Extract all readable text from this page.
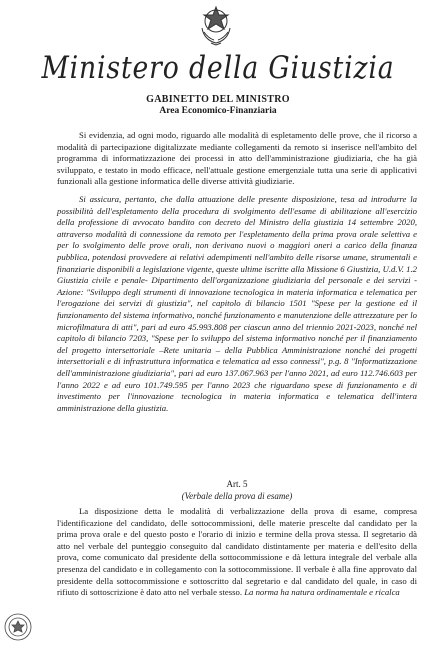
Ministero della Giustizia
GABINETTO DEL MINISTRO
Area Economico-Finanziaria

Si evidenzia, ad ogni modo, riguardo alle modalità di espletamento delle prove, che il ricorso a modalità di partecipazione digitalizzate mediante collegamenti da remoto si inserisce nell'ambito del programma di informatizzazione dei processi in atto dell'amministrazione giudiziaria, che ha già sviluppato, e testato in modo efficace, nell'attuale gestione emergenziale tutta una serie di applicativi funzionali alla gestione informatica delle diverse attività giudiziarie.

Si assicura, pertanto, che dalla attuazione delle presente disposizione, tesa ad introdurre la possibilità dell'espletamento della procedura di svolgimento dell'esame di abilitazione all'esercizio della professione di avvocato bandito con decreto del Ministro della giustizia 14 settembre 2020, attraverso modalità di connessione da remoto per l'espletamento della prima prova orale selettiva e per lo svolgimento delle prove orali, non derivano nuovi o maggiori oneri a carico della finanza pubblica, potendosi provvedere ai relativi adempimenti nell'ambito delle risorse umane, strumentali e finanziarie disponibili a legislazione vigente, queste ultime iscritte alla Missione 6 Giustizia, U.d.V. 1.2 Giustizia civile e penale- Dipartimento dell'organizzazione giudiziaria del personale e dei servizi - Azione: "Sviluppo degli strumenti di innovazione tecnologica in materia informatica e telematica per l'erogazione dei servizi di giustizia", nel capitolo di bilancio 1501 "Spese per la gestione ed il funzionamento del sistema informativo, nonché funzionamento e manutenzione delle attrezzature per lo microfilmatura di atti", pari ad euro 45.993.808 per ciascun anno del triennio 2021-2023, nonché nel capitolo di bilancio 7203, "Spese per lo sviluppo del sistema informativo nonché per il finanziamento del progetto intersettoriale –Rete unitaria – della Pubblica Amministrazione nonché dei progetti intersettoriali e di infrastruttura informatica e telematica ad esso connessi", p.g. 8 "Informatizzazione dell'amministrazione giudiziaria", pari ad euro 137.067.963 per l'anno 2021, ad euro 112.746.603 per l'anno 2022 e ad euro 101.749.595 per l'anno 2023 che riguardano spese di funzionamento e di investimento per l'innovazione tecnologica in materia informatica e telematica dell'intera amministrazione della giustizia.

Art. 5
(Verbale della prova di esame)

La disposizione detta le modalità di verbalizzazione della prova di esame, compresa l'identificazione del candidato, delle sottocommissioni, delle materie prescelte dal candidato per la prima prova orale e del questo posto e l'orario di inizio e termine della prova stessa. Il segretario dà atto nel verbale del punteggio conseguito dal candidato distintamente per materia e dell'esito della prova, come comunicato dal presidente della sottocommissione e dà lettura integrale del verbale alla presenza del candidato e in collegamento con la sottocommissione. Il verbale è alla fine approvato dal presidente della sottocommissione e sottoscritto dal segretario e dal candidato del quale, in caso di rifiuto di sottoscrizione è dato atto nel verbale stesso. La norma ha natura ordinamentale e ricalca
